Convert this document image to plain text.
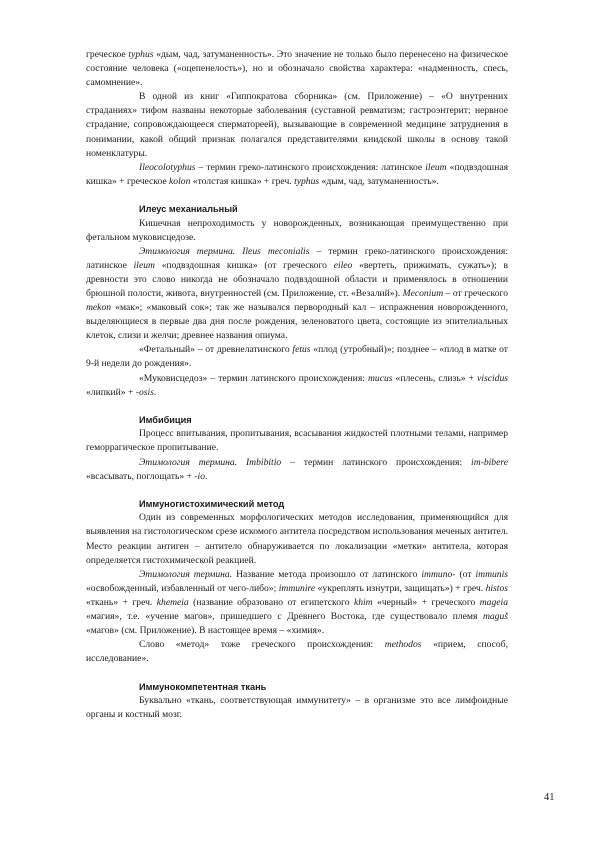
греческое typhus «дым, чад, затуманенность». Это значение не только было перенесено на физическое состояние человека («оцепенелость»), но и обозначало свойства характера: «надменность, спесь, самомнение».

В одной из книг «Гиппократова сборника» (см. Приложение) – «О внутренних страданиях» тифом названы некоторые заболевания (суставной ревматизм; гастроэнтерит; нервное страдание, сопровождающееся сперматореей), вызывающие в современной медицине затруднения в понимании, какой общий признак полагался представителями книдской школы в основу такой номенклатуры.

Ileocolotyphus – термин греко-латинского происхождения: латинское ileum «подвздошная кишка» + греческое kolon «толстая кишка» + греч. typhus «дым, чад, затуманенность».

Илеус механиальный

Кишечная непроходимость у новорожденных, возникающая преимущественно при фетальном муковисцедозе.

Этимология термина. Ileus meconialis – термин греко-латинского происхождения: латинское ileum «подвздошная кишка» (от греческого eileo «вертеть, прижимать, сужать»); в древности это слово никогда не обозначало подвздошной области и применялось в отношении брюшной полости, живота, внутренностей (см. Приложение, ст. «Везалий»). Meconium – от греческого mekon «мак»; «маковый сок»; так же назывался первородный кал – испражнения новорожденного, выделяющиеся в первые два дня после рождения, зеленоватого цвета, состоящие из эпителиальных клеток, слизи и желчи; древнее названия опиума.

«Фетальный» – от древнелатинского fetus «плод (утробный)»; позднее – «плод в матке от 9-й недели до рождения».

«Муковисцедоз» – термин латинского происхождения: mucus «плесень, слизь» + viscidus «липкий» + -osis.

Имбибиция

Процесс впитывания, пропитывания, всасывания жидкостей плотными телами, например геморрагическое пропитывание.

Этимология термина. Imbibitio – термин латинского происхождения: im-bibere «всасывать, поглощать» + -io.

Иммуногистохимический метод

Один из современных морфологических методов исследования, применяющийся для выявления на гистологическом срезе искомого антитела посредством использования меченых антител. Место реакции антиген – антитело обнаруживается по локализации «метки» антитела, которая определяется гистохимической реакцией.

Этимология термина. Название метода произошло от латинского immuno- (от immunis «освобожденный, избавленный от чего-либо»; immunire «укреплять изнутри, защищать») + греч. histos «ткань» + греч. khemeia (название образовано от египетского khim «черный» + греческого mageia «магия», т.е. «учение магов», пришедшего с Древнего Востока, где существовало племя maguš «магов» (см. Приложение). В настоящее время – «химия».

Слово «метод» тоже греческого происхождения: methodos «прием, способ, исследование».

Иммунокомпетентная ткань

Буквально «ткань, соответствующая иммунитету» – в организме это все лимфоидные органы и костный мозг.

41
